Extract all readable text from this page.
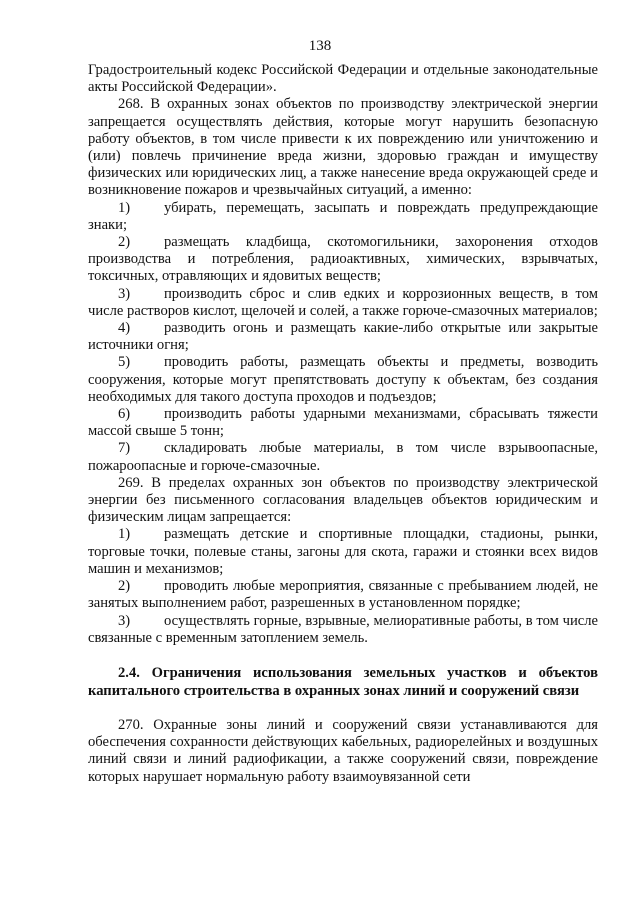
138

Градостроительный кодекс Российской Федерации и отдельные законодательные акты Российской Федерации».

268. В охранных зонах объектов по производству электрической энергии запрещается осуществлять действия, которые могут нарушить безопасную работу объектов, в том числе привести к их повреждению или уничтожению и (или) повлечь причинение вреда жизни, здоровью граждан и имуществу физических или юридических лиц, а также нанесение вреда окружающей среде и возникновение пожаров и чрезвычайных ситуаций, а именно:

1) убирать, перемещать, засыпать и повреждать предупреждающие знаки;

2) размещать кладбища, скотомогильники, захоронения отходов производства и потребления, радиоактивных, химических, взрывчатых, токсичных, отравляющих и ядовитых веществ;

3) производить сброс и слив едких и коррозионных веществ, в том числе растворов кислот, щелочей и солей, а также горюче-смазочных материалов;

4) разводить огонь и размещать какие-либо открытые или закрытые источники огня;

5) проводить работы, размещать объекты и предметы, возводить сооружения, которые могут препятствовать доступу к объектам, без создания необходимых для такого доступа проходов и подъездов;

6) производить работы ударными механизмами, сбрасывать тяжести массой свыше 5 тонн;

7) складировать любые материалы, в том числе взрывоопасные, пожароопасные и горюче-смазочные.

269. В пределах охранных зон объектов по производству электрической энергии без письменного согласования владельцев объектов юридическим и физическим лицам запрещается:

1) размещать детские и спортивные площадки, стадионы, рынки, торговые точки, полевые станы, загоны для скота, гаражи и стоянки всех видов машин и механизмов;

2) проводить любые мероприятия, связанные с пребыванием людей, не занятых выполнением работ, разрешенных в установленном порядке;

3) осуществлять горные, взрывные, мелиоративные работы, в том числе связанные с временным затоплением земель.

2.4. Ограничения использования земельных участков и объектов капитального строительства в охранных зонах линий и сооружений связи

270. Охранные зоны линий и сооружений связи устанавливаются для обеспечения сохранности действующих кабельных, радиорелейных и воздушных линий связи и линий радиофикации, а также сооружений связи, повреждение которых нарушает нормальную работу взаимоувязанной сети
